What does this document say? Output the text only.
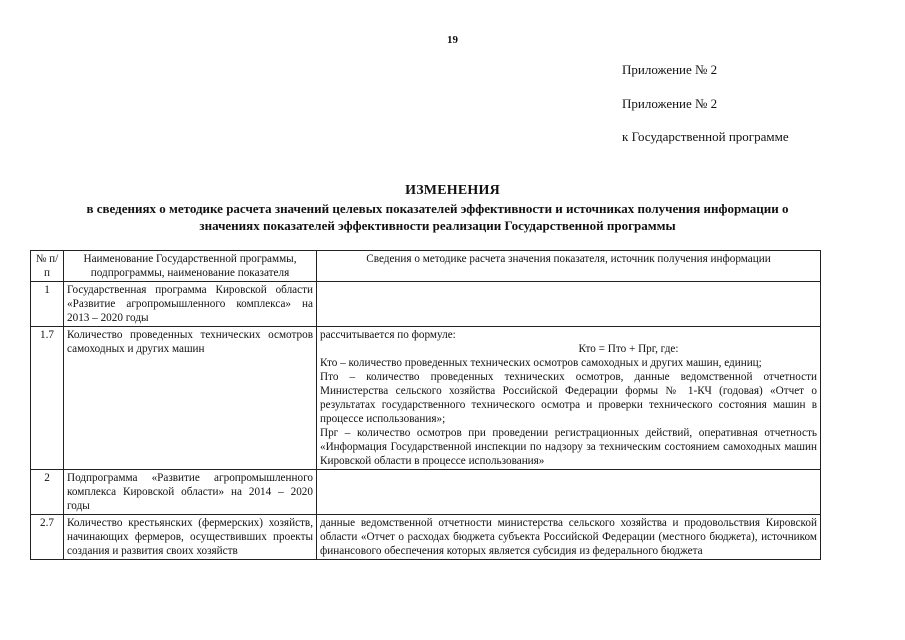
19
Приложение № 2
Приложение № 2
к Государственной программе
ИЗМЕНЕНИЯ
в сведениях о методике расчета значений целевых показателей эффективности и источниках получения информации о значениях показателей эффективности реализации Государственной программы
№ п/п	Наименование Государственной программы, подпрограммы, наименование показателя	Сведения о методике расчета значения показателя, источник получения информации
1	Государственная программа Кировской области «Развитие агропромышленного комплекса» на 2013 – 2020 годы	
1.7	Количество проведенных технических осмотров самоходных и других машин	рассчитывается по формуле:
Кто = Пто + Прг, где:
Кто – количество проведенных технических осмотров самоходных и других машин, единиц;
Пто – количество проведенных технических осмотров, данные ведомственной отчетности Министерства сельского хозяйства Российской Федерации формы № 1-КЧ (годовая) «Отчет о результатах государственного технического осмотра и проверки технического состояния машин в процессе использования»;
Прг – количество осмотров при проведении регистрационных действий, оперативная отчетность «Информация Государственной инспекции по надзору за техническим состоянием самоходных машин Кировской области в процессе использования»

2	Подпрограмма «Развитие агропромышленного комплекса Кировской области» на 2014 – 2020 годы	
2.7	Количество крестьянских (фермерских) хозяйств, начинающих фермеров, осуществивших проекты создания и развития своих хозяйств	данные ведомственной отчетности министерства сельского хозяйства и продовольствия Кировской области «Отчет о расходах бюджета субъекта Российской Федерации (местного бюджета), источником финансового обеспечения которых является субсидия из федерального бюджета
